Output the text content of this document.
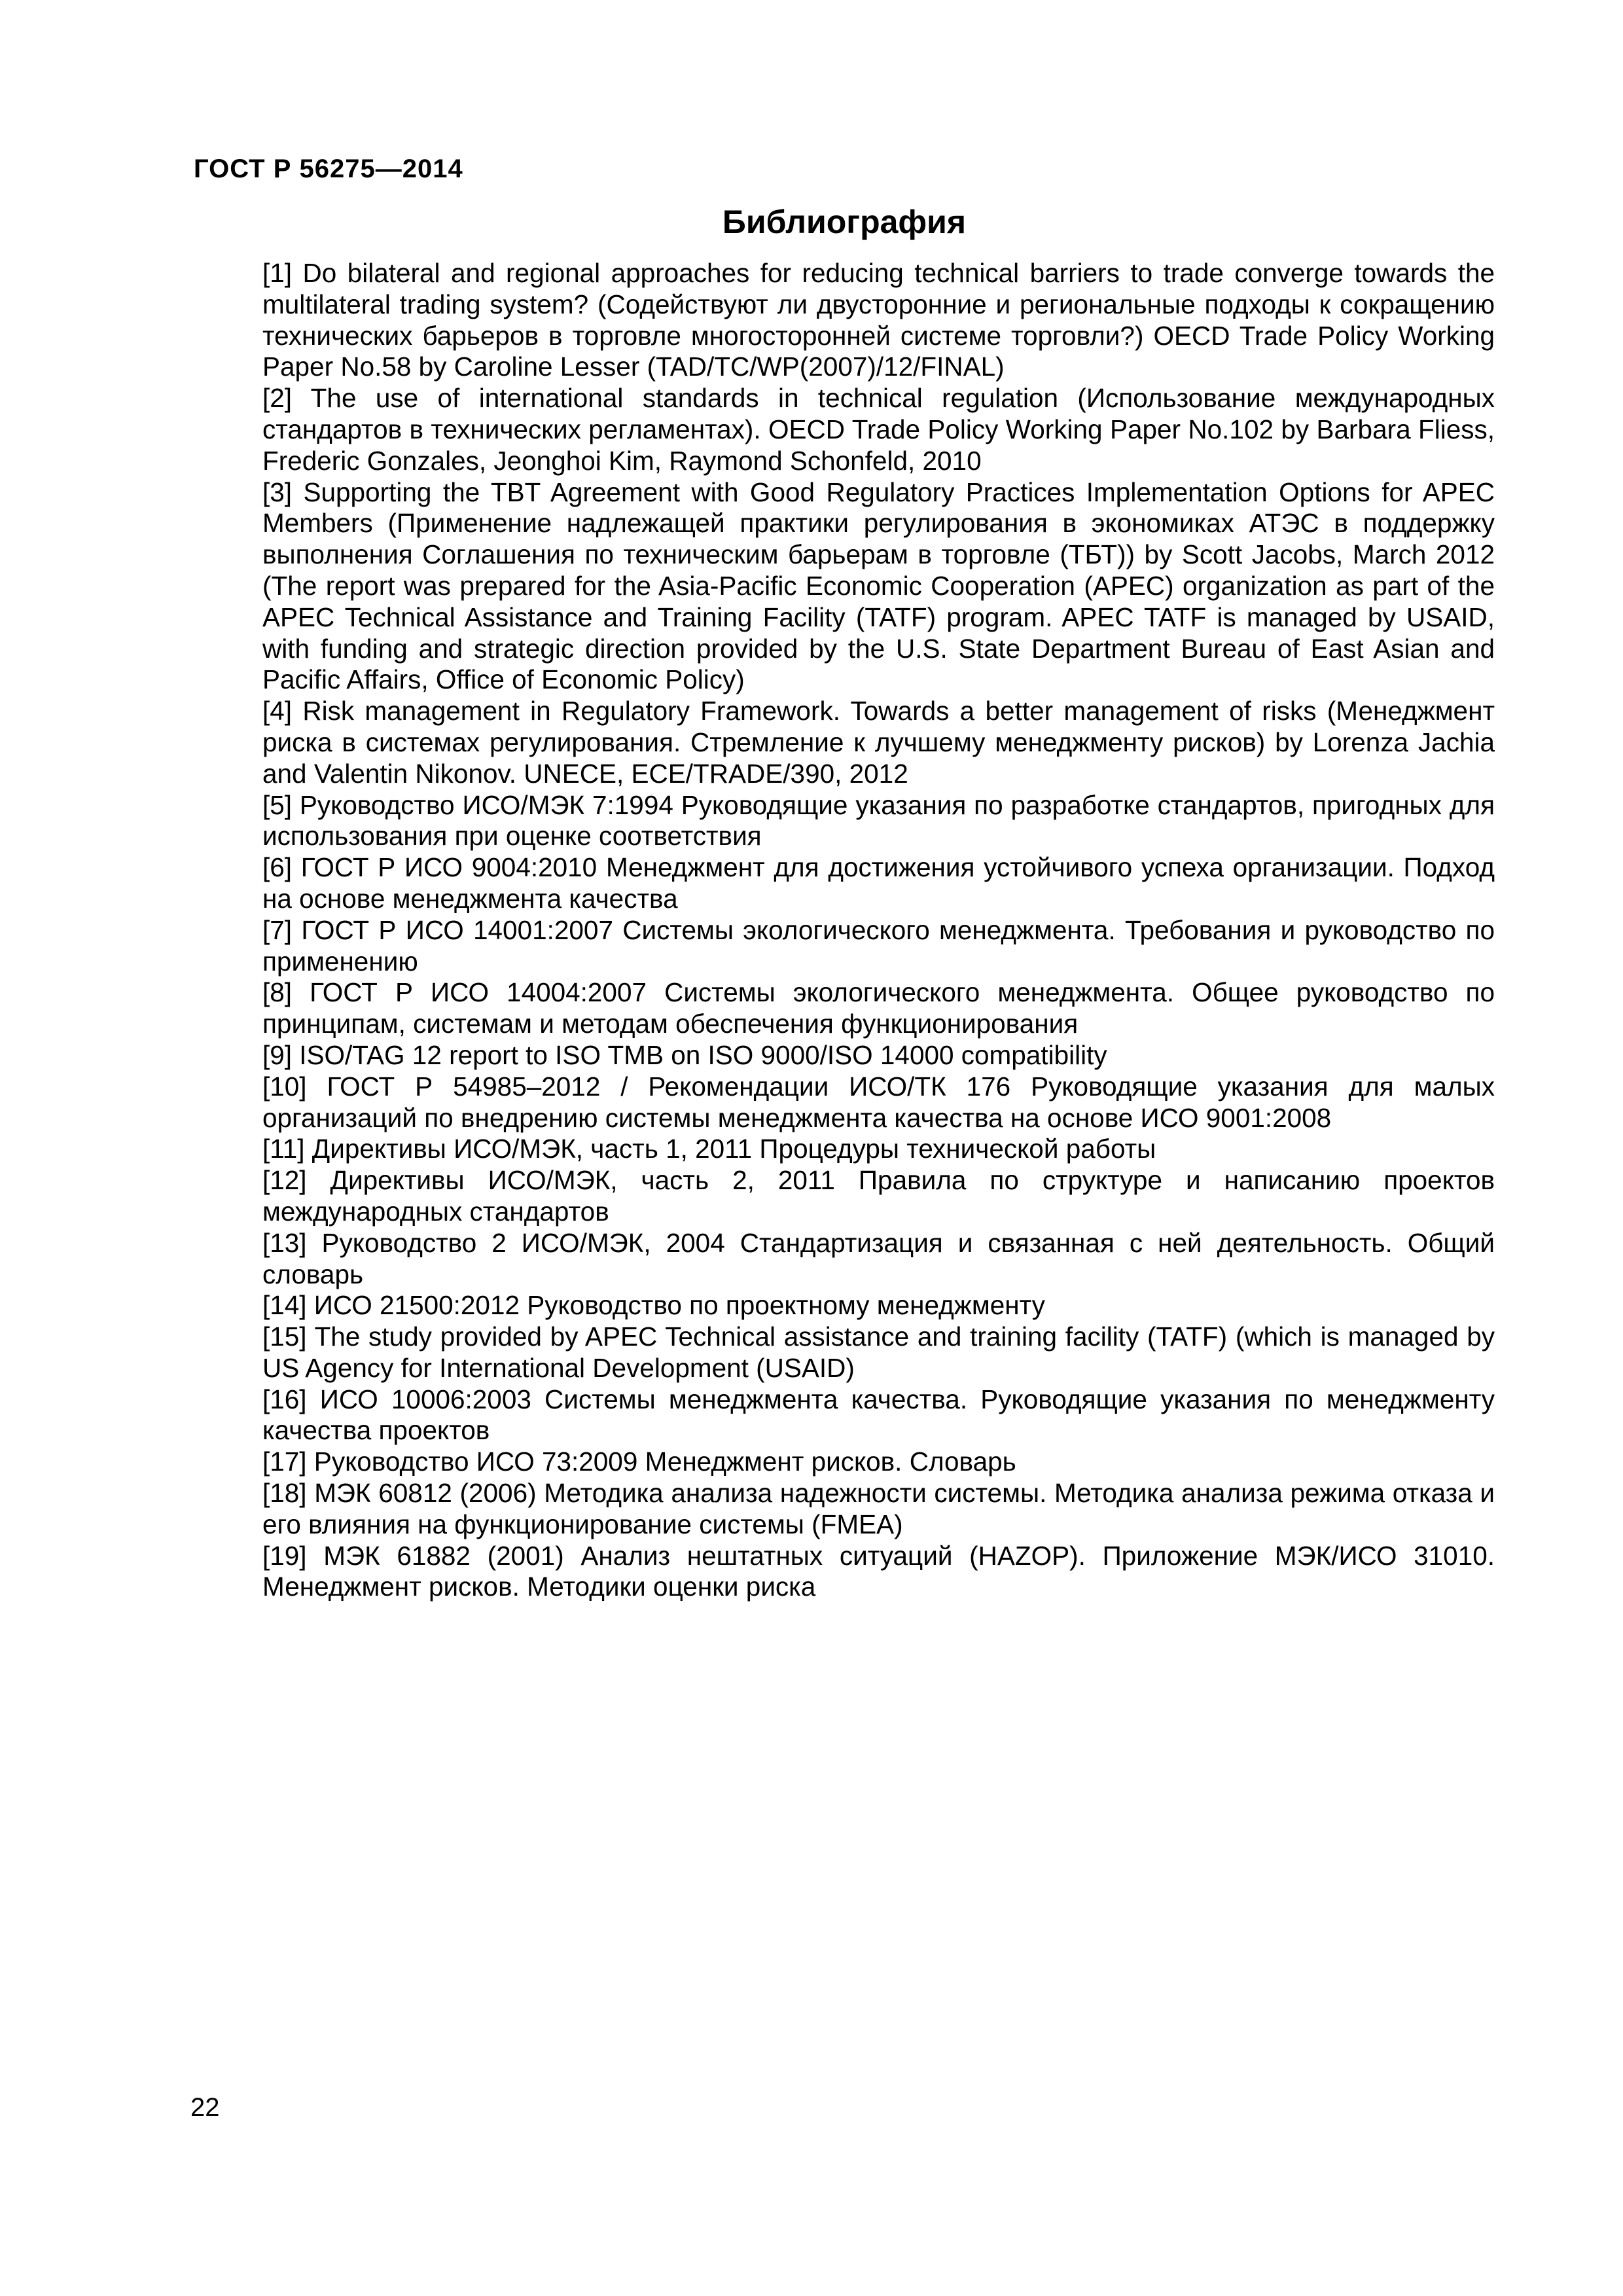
ГОСТ Р 56275—2014
Библиография
[1] Do bilateral and regional approaches for reducing technical barriers to trade converge towards the multilateral trading system? (Содействуют ли двусторонние и региональные подходы к сокращению технических барьеров в торговле многосторонней системе торговли?) OECD Trade Policy Working Paper No.58 by Caroline Lesser (TAD/TC/WP(2007)/12/FINAL)
[2] The use of international standards in technical regulation (Использование международных стандартов в технических регламентах). OECD Trade Policy Working Paper No.102 by Barbara Fliess, Frederic Gonzales, Jeonghoi Kim, Raymond Schonfeld, 2010
[3] Supporting the TBT Agreement with Good Regulatory Practices Implementation Options for APEC Members (Применение надлежащей практики регулирования в экономиках АТЭС в поддержку выполнения Соглашения по техническим барьерам в торговле (ТБТ)) by Scott Jacobs, March 2012 (The report was prepared for the Asia-Pacific Economic Cooperation (APEC) organization as part of the APEC Technical Assistance and Training Facility (TATF) program. APEC TATF is managed by USAID, with funding and strategic direction provided by the U.S. State Department Bureau of East Asian and Pacific Affairs, Office of Economic Policy)
[4] Risk management in Regulatory Framework. Towards a better management of risks (Менеджмент риска в системах регулирования. Стремление к лучшему менеджменту рисков) by Lorenza Jachia and Valentin Nikonov. UNECE, ECE/TRADE/390, 2012
[5] Руководство ИСО/МЭК 7:1994 Руководящие указания по разработке стандартов, пригодных для использования при оценке соответствия
[6] ГОСТ Р ИСО 9004:2010 Менеджмент для достижения устойчивого успеха организации. Подход на основе менеджмента качества
[7] ГОСТ Р ИСО 14001:2007 Системы экологического менеджмента. Требования и руководство по применению
[8] ГОСТ Р ИСО 14004:2007 Системы экологического менеджмента. Общее руководство по принципам, системам и методам обеспечения функционирования
[9] ISO/TAG 12 report to ISO TMB on ISO 9000/ISO 14000 compatibility
[10] ГОСТ Р 54985–2012 / Рекомендации ИСО/ТК 176 Руководящие указания для малых организаций по внедрению системы менеджмента качества на основе ИСО 9001:2008
[11] Директивы ИСО/МЭК, часть 1, 2011 Процедуры технической работы
[12] Директивы ИСО/МЭК, часть 2, 2011 Правила по структуре и написанию проектов международных стандартов
[13] Руководство 2 ИСО/МЭК, 2004 Стандартизация и связанная с ней деятельность. Общий словарь
[14] ИСО 21500:2012 Руководство по проектному менеджменту
[15] The study provided by APEC Technical assistance and training facility (TATF) (which is managed by US Agency for International Development (USAID)
[16] ИСО 10006:2003 Системы менеджмента качества. Руководящие указания по менеджменту качества проектов
[17] Руководство ИСО 73:2009 Менеджмент рисков. Словарь
[18] МЭК 60812 (2006) Методика анализа надежности системы. Методика анализа режима отказа и его влияния на функционирование системы (FMEA)
[19] МЭК 61882 (2001) Анализ нештатных ситуаций (HAZOP). Приложение МЭК/ИСО 31010. Менеджмент рисков. Методики оценки риска
22
